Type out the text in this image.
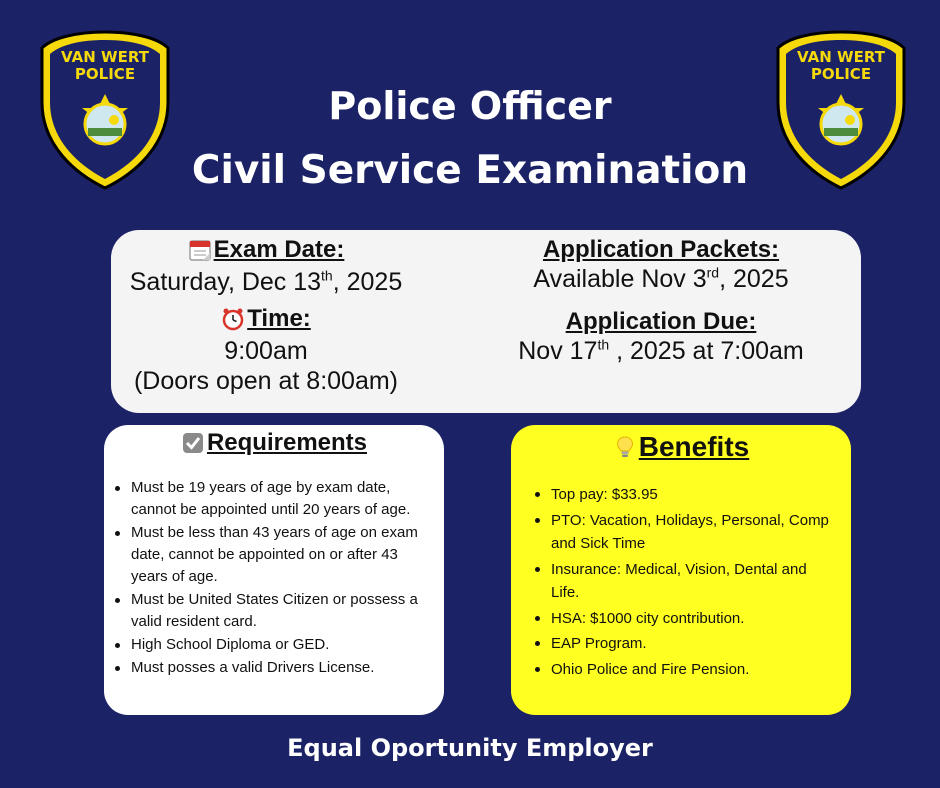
VAN WERT
POLICE
VAN WERT
POLICE
Police Officer
Civil Service Examination
Exam Date:
Saturday, Dec 13th, 2025
Time:
9:00am
(Doors open at 8:00am)
Application Packets:
Available Nov 3rd, 2025
Application Due:
Nov 17th , 2025 at 7:00am
Requirements
Must be 19 years of age by exam date, cannot be appointed until 20 years of age.
Must be less than 43 years of age on exam date, cannot be appointed on or after 43 years of age.
Must be United States Citizen or possess a valid resident card.
High School Diploma or GED.
Must posses a valid Drivers License.
Benefits
Top pay: $33.95
PTO: Vacation, Holidays, Personal, Comp and Sick Time
Insurance: Medical, Vision, Dental and Life.
HSA: $1000 city contribution.
EAP Program.
Ohio Police and Fire Pension.
Equal Oportunity Employer
